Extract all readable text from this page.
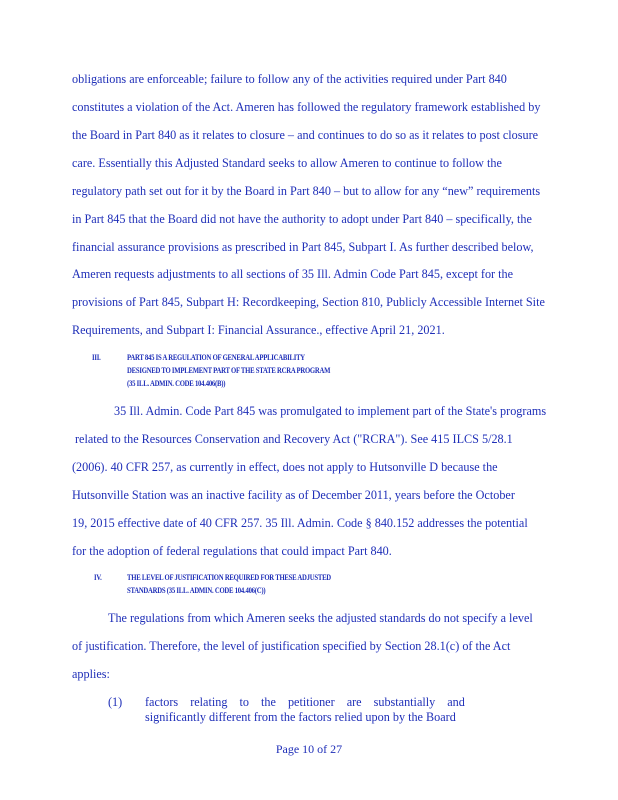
obligations are enforceable; failure to follow any of the activities required under Part 840
constitutes a violation of the Act. Ameren has followed the regulatory framework established by
the Board in Part 840 as it relates to closure – and continues to do so as it relates to post closure
care. Essentially this Adjusted Standard seeks to allow Ameren to continue to follow the
regulatory path set out for it by the Board in Part 840 – but to allow for any “new” requirements
in Part 845 that the Board did not have the authority to adopt under Part 840 – specifically, the
financial assurance provisions as prescribed in Part 845, Subpart I. As further described below,
Ameren requests adjustments to all sections of 35 Ill. Admin Code Part 845, except for the
provisions of Part 845, Subpart H: Recordkeeping, Section 810, Publicly Accessible Internet Site
Requirements, and Subpart I: Financial Assurance., effective April 21, 2021.
III.	PART 845 IS A REGULATION OF GENERAL APPLICABILITY
DESIGNED TO IMPLEMENT PART OF THE STATE RCRA PROGRAM
(35 ILL. ADMIN. CODE 104.406(B))
35 Ill. Admin. Code Part 845 was promulgated to implement part of the State's programs
related to the Resources Conservation and Recovery Act ("RCRA"). See 415 ILCS 5/28.1
(2006). 40 CFR 257, as currently in effect, does not apply to Hutsonville D because the
Hutsonville Station was an inactive facility as of December 2011, years before the October
19, 2015 effective date of 40 CFR 257. 35 Ill. Admin. Code § 840.152 addresses the potential
for the adoption of federal regulations that could impact Part 840.
IV.	THE LEVEL OF JUSTIFICATION REQUIRED FOR THESE ADJUSTED
STANDARDS (35 ILL. ADMIN. CODE 104.406(C))
The regulations from which Ameren seeks the adjusted standards do not specify a level
of justification. Therefore, the level of justification specified by Section 28.1(c) of the Act
applies:
(1) factors relating to the petitioner are substantially and
significantly different from the factors relied upon by the Board
Page 10 of 27
